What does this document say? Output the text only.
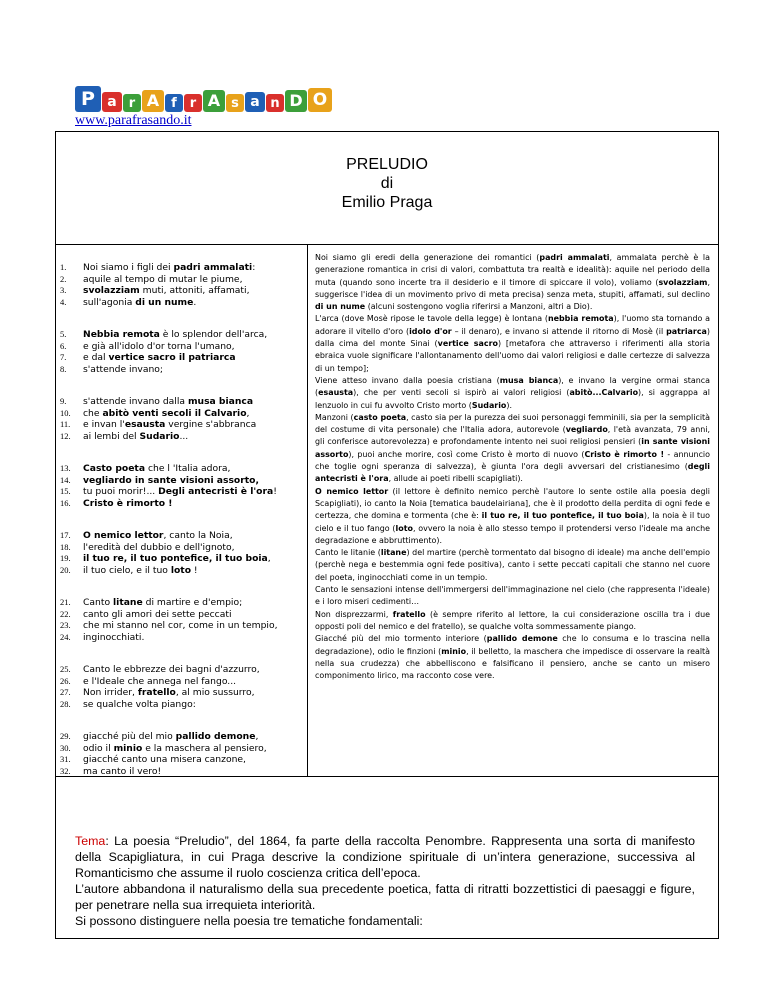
P a r A f r A s a n D O
www.parafrasando.it
PRELUDIO
di
Emilio Praga
1.	Noi siamo i figli dei padri ammalati:
2.	aquile al tempo di mutar le piume,
3.	svolazziam muti, attoniti, affamati,
4.	sull'agonia di un nume.
5.	Nebbia remota è lo splendor dell'arca,
6.	e già all'idolo d'or torna l'umano,
7.	e dal vertice sacro il patriarca
8.	s'attende invano;
9.	s'attende invano dalla musa bianca
10.	che abitò venti secoli il Calvario,
11.	e invan l'esausta vergine s'abbranca
12.	ai lembi del Sudario...
13.	Casto poeta che l 'Italia adora,
14.	vegliardo in sante visioni assorto,
15.	tu puoi morir!... Degli antecristi è l'ora!
16.	Cristo è rimorto !
17.	O nemico lettor, canto la Noia,
18.	l'eredità del dubbio e dell'ignoto,
19.	il tuo re, il tuo pontefice, il tuo boia,
20.	il tuo cielo, e il tuo loto !
21.	Canto litane di martire e d'empio;
22.	canto gli amori dei sette peccati
23.	che mi stanno nel cor, come in un tempio,
24.	inginocchiati.
25.	Canto le ebbrezze dei bagni d'azzurro,
26.	e l'Ideale che annega nel fango...
27.	Non irrider, fratello, al mio sussurro,
28.	se qualche volta piango:
29.	giacché più del mio pallido demone,
30.	odio il minio e la maschera al pensiero,
31.	giacché canto una misera canzone,
32.	ma canto il vero!

Noi siamo gli eredi della generazione dei romantici (padri ammalati, ammalata perchè è la generazione romantica in crisi di valori, combattuta tra realtà e idealità): aquile nel periodo della muta (quando sono incerte tra il desiderio e il timore di spiccare il volo), voliamo (svolazziam, suggerisce l'idea di un movimento privo di meta precisa) senza meta, stupiti, affamati, sul declino di un nume (alcuni sostengono voglia riferirsi a Manzoni, altri a Dio).

L'arca (dove Mosè ripose le tavole della legge) è lontana (nebbia remota), l'uomo sta tornando a adorare il vitello d'oro (idolo d'or – il denaro), e invano si attende il ritorno di Mosè (il patriarca) dalla cima del monte Sinai (vertice sacro) [metafora che attraverso i riferimenti alla storia ebraica vuole significare l'allontanamento dell'uomo dai valori religiosi e dalle certezze di salvezza di un tempo];

Viene atteso invano dalla poesia cristiana (musa bianca), e invano la vergine ormai stanca (esausta), che per venti secoli si ispirò ai valori religiosi (abitò...Calvario), si aggrappa al lenzuolo in cui fu avvolto Cristo morto (Sudario).

Manzoni (casto poeta, casto sia per la purezza dei suoi personaggi femminili, sia per la semplicità del costume di vita personale) che l'Italia adora, autorevole (vegliardo, l'età avanzata, 79 anni, gli conferisce autorevolezza) e profondamente intento nei suoi religiosi pensieri (in sante visioni assorto), puoi anche morire, così come Cristo è morto di nuovo (Cristo è rimorto ! - annuncio che toglie ogni speranza di salvezza), è giunta l'ora degli avversari del cristianesimo (degli antecristi è l'ora, allude ai poeti ribelli scapigliati).

O nemico lettor (il lettore è definito nemico perchè l'autore lo sente ostile alla poesia degli Scapigliati), io canto la Noia [tematica baudelairiana], che è il prodotto della perdita di ogni fede e certezza, che domina e tormenta (che è: il tuo re, il tuo pontefice, il tuo boia), la noia è il tuo cielo e il tuo fango (loto, ovvero la noia è allo stesso tempo il protendersi verso l'ideale ma anche degradazione e abbruttimento).

Canto le litanie (litane) del martire (perchè tormentato dal bisogno di ideale) ma anche dell'empio (perchè nega e bestemmia ogni fede positiva), canto i sette peccati capitali che stanno nel cuore del poeta, inginocchiati come in un tempio.

Canto le sensazioni intense dell'immergersi dell'immaginazione nel cielo (che rappresenta l'ideale) e i loro miseri cedimenti…

Non disprezzarmi, fratello (è sempre riferito al lettore, la cui considerazione oscilla tra i due opposti poli del nemico e del fratello), se qualche volta sommessamente piango.

Giacché più del mio tormento interiore (pallido demone che lo consuma e lo trascina nella degradazione), odio le finzioni (minio, il belletto, la maschera che impedisce di osservare la realtà nella sua crudezza) che abbelliscono e falsificano il pensiero, anche se canto un misero componimento lirico, ma racconto cose vere.

Tema: La poesia “Preludio”, del 1864, fa parte della raccolta Penombre. Rappresenta una sorta di manifesto della Scapigliatura, in cui Praga descrive la condizione spirituale di un’intera generazione, successiva al Romanticismo che assume il ruolo coscienza critica dell’epoca.

L’autore abbandona il naturalismo della sua precedente poetica, fatta di ritratti bozzettistici di paesaggi e figure, per penetrare nella sua irrequieta interiorità.

Si possono distinguere nella poesia tre tematiche fondamentali:
